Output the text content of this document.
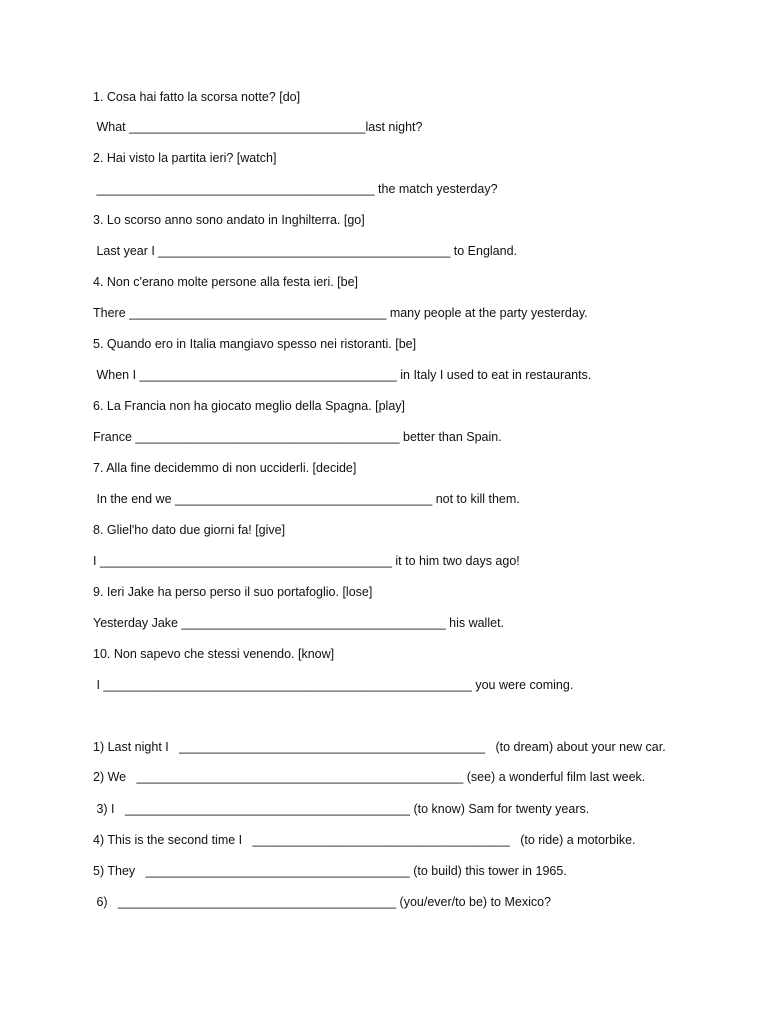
1. Cosa hai fatto la scorsa notte? [do]
What __________________________________last night?
2. Hai visto la partita ieri? [watch]
________________________________________ the match yesterday?
3. Lo scorso anno sono andato in Inghilterra. [go]
Last year I __________________________________________ to England.
4. Non c'erano molte persone alla festa ieri. [be]
There _____________________________________ many people at the party yesterday.
5. Quando ero in Italia mangiavo spesso nei ristoranti. [be]
When I _____________________________________ in Italy I used to eat in restaurants.
6. La Francia non ha giocato meglio della Spagna. [play]
France ______________________________________ better than Spain.
7. Alla fine decidemmo di non ucciderli. [decide]
In the end we _____________________________________ not to kill them.
8. Gliel'ho dato due giorni fa! [give]
I __________________________________________ it to him two days ago!
9. Ieri Jake ha perso perso il suo portafoglio. [lose]
Yesterday Jake ______________________________________ his wallet.
10. Non sapevo che stessi venendo. [know]
I _____________________________________________________ you were coming.
1) Last night I   ____________________________________________   (to dream) about your new car.
2) We   _______________________________________________ (see) a wonderful film last week.
3) I   _________________________________________ (to know) Sam for twenty years.
4) This is the second time I   _____________________________________   (to ride) a motorbike.
5) They   ______________________________________ (to build) this tower in 1965.
6)   ________________________________________ (you/ever/to be) to Mexico?
